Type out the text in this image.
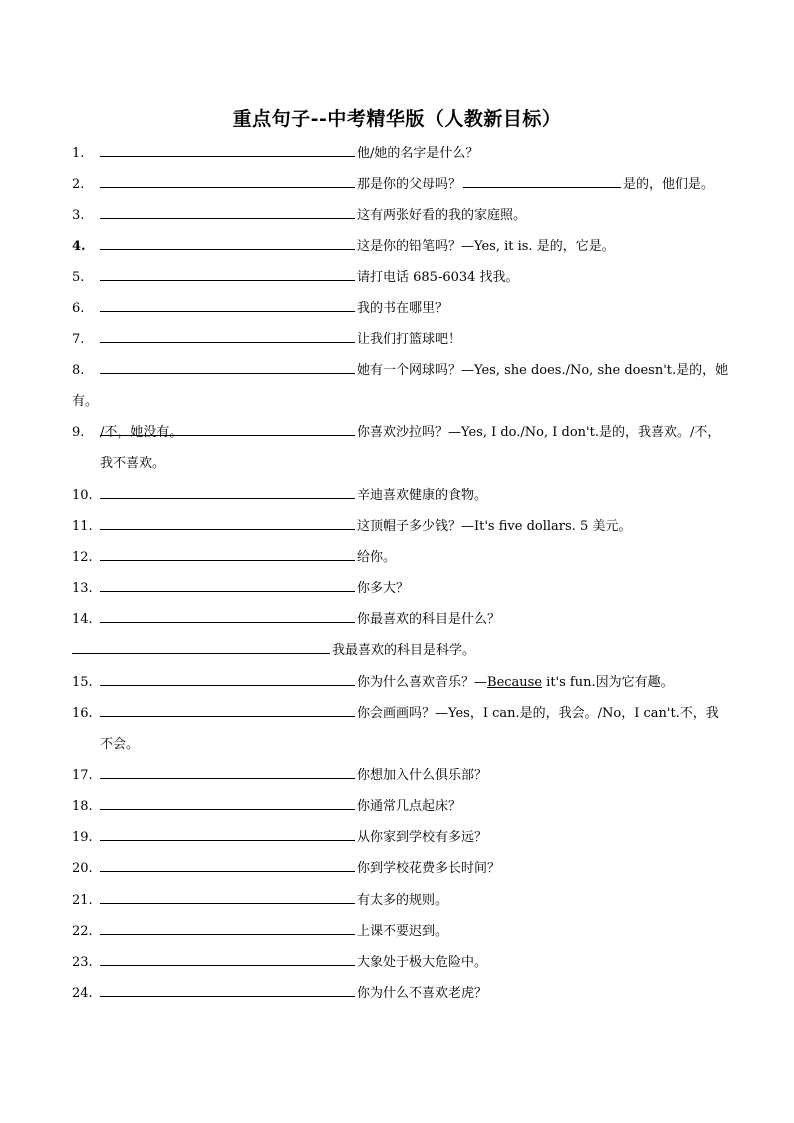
重点句子--中考精华版（人教新目标）
1.	他/她的名字是什么？
2.	那是你的父母吗？	是的，他们是。
3.	这有两张好看的我的家庭照。
4.	这是你的铅笔吗？—Yes, it is. 是的，它是。
5.	请打电话 685-6034 找我。
6.	我的书在哪里？
7.	让我们打篮球吧！
8.	她有一个网球吗？—Yes, she does./No, she doesn't.是的，她有。
/不，她没有。
9.	你喜欢沙拉吗？—Yes, I do./No, I don't.是的，我喜欢。/不，
我不喜欢。
10.	辛迪喜欢健康的食物。
11.	这顶帽子多少钱？—It's five dollars. 5 美元。
12.	给你。
13.	你多大？
14.	你最喜欢的科目是什么？
我最喜欢的科目是科学。
15.	你为什么喜欢音乐？—Because it's fun.因为它有趣。
16.	你会画画吗？—Yes，I can.是的，我会。/No，I can't.不，我
不会。
17.	你想加入什么俱乐部？
18.	你通常几点起床？
19.	从你家到学校有多远？
20.	你到学校花费多长时间？
21.	有太多的规则。
22.	上课不要迟到。
23.	大象处于极大危险中。
24.	你为什么不喜欢老虎？
